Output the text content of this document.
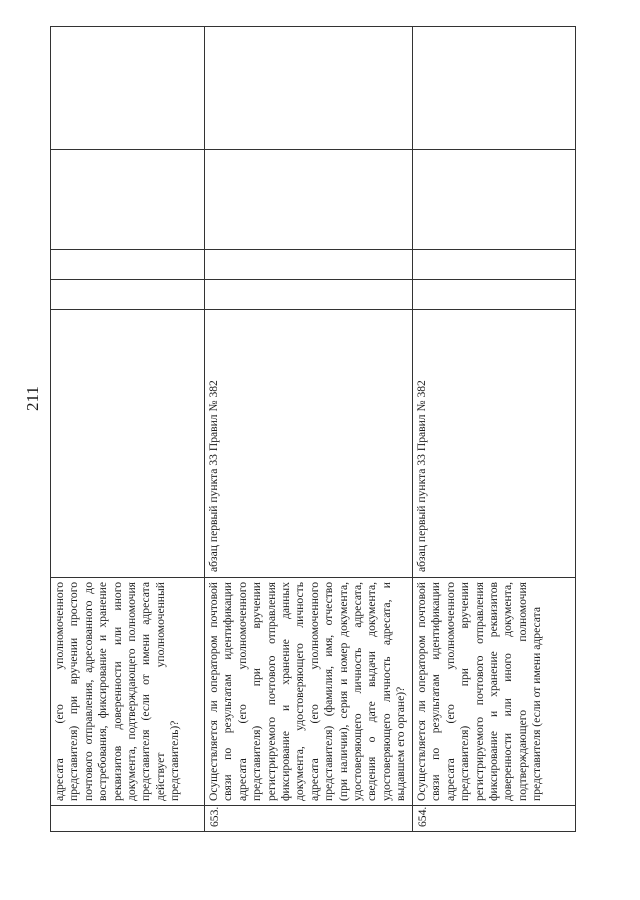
211

адресата (его уполномоченного представителя) при вручении простого почтового отправления, адресованного до востребования, фиксирование и хранение реквизитов доверенности или иного документа, подтверждающего полномочия представителя (если от имени адресата действует уполномоченный представитель)?

653.

Осуществляется ли оператором почтовой связи по результатам идентификации адресата (его уполномоченного представителя) при вручении регистрируемого почтового отправления фиксирование и хранение данных документа, удостоверяющего личность адресата (его уполномоченного представителя) (фамилия, имя, отчество (при наличии), серия и номер документа, удостоверяющего личность адресата, сведения о дате выдачи документа, удостоверяющего личность адресата, и выдавшем его органе)?

абзац первый пункта 33 Правил № 382
654.

Осуществляется ли оператором почтовой связи по результатам идентификации адресата (его уполномоченного представителя) при вручении регистрируемого почтового отправления фиксирование и хранение реквизитов доверенности или иного документа, подтверждающего полномочия представителя (если от имени адресата

абзац первый пункта 33 Правил № 382
